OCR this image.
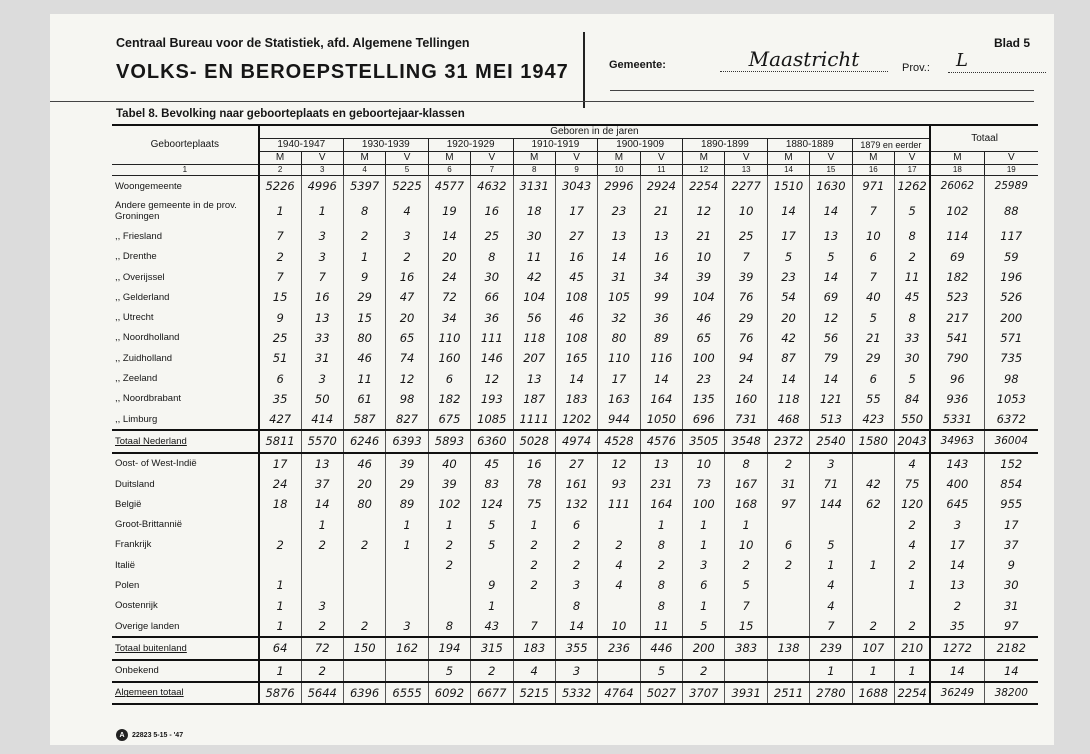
Centraal Bureau voor de Statistiek, afd. Algemene Tellingen
VOLKS- EN BEROEPSTELLING 31 MEI 1947
Blad 5
Gemeente:	Maastricht	Prov.:	L
Tabel 8. Bevolking naar geboorteplaats en geboortejaar-klassen
Geboorteplaats	Geboren in de jaren																Totaal	
	1940-1947		1930-1939		1920-1929		1910-1919		1900-1909		1890-1899		1880-1889		1879 en eerder			
	M	V	M	V	M	V	M	V	M	V	M	V	M	V	M	V	M	V
1	2	3	4	5	6	7	8	9	10	11	12	13	14	15	16	17	18	19
Woongemeente	5226	4996	5397	5225	4577	4632	3131	3043	2996	2924	2254	2277	1510	1630	971	1262	26062	25989
Andere gemeente in de prov. Groningen	1	1	8	4	19	16	18	17	23	21	12	10	14	14	7	5	102	88
,, Friesland	7	3	2	3	14	25	30	27	13	13	21	25	17	13	10	8	114	117
,, Drenthe	2	3	1	2	20	8	11	16	14	16	10	7	5	5	6	2	69	59
,, Overijssel	7	7	9	16	24	30	42	45	31	34	39	39	23	14	7	11	182	196
,, Gelderland	15	16	29	47	72	66	104	108	105	99	104	76	54	69	40	45	523	526
,, Utrecht	9	13	15	20	34	36	56	46	32	36	46	29	20	12	5	8	217	200
,, Noordholland	25	33	80	65	110	111	118	108	80	89	65	76	42	56	21	33	541	571
,, Zuidholland	51	31	46	74	160	146	207	165	110	116	100	94	87	79	29	30	790	735
,, Zeeland	6	3	11	12	6	12	13	14	17	14	23	24	14	14	6	5	96	98
,, Noordbrabant	35	50	61	98	182	193	187	183	163	164	135	160	118	121	55	84	936	1053
,, Limburg	427	414	587	827	675	1085	1111	1202	944	1050	696	731	468	513	423	550	5331	6372
Totaal Nederland	5811	5570	6246	6393	5893	6360	5028	4974	4528	4576	3505	3548	2372	2540	1580	2043	34963	36004
Oost- of West-Indië	17	13	46	39	40	45	16	27	12	13	10	8	2	3		4	143	152
Duitsland	24	37	20	29	39	83	78	161	93	231	73	167	31	71	42	75	400	854
België	18	14	80	89	102	124	75	132	111	164	100	168	97	144	62	120	645	955
Groot-Brittannië		1		1	1	5	1	6		1	1	1				2	3	17
Frankrijk	2	2	2	1	2	5	2	2	2	8	1	10	6	5		4	17	37
Italië					2		2	2	4	2	3	2	2	1	1	2	14	9
Polen	1					9	2	3	4	8	6	5		4		1	13	30
Oostenrijk	1	3				1		8		8	1	7		4			2	31
Overige landen	1	2	2	3	8	43	7	14	10	11	5	15		7	2	2	35	97
Totaal buitenland	64	72	150	162	194	315	183	355	236	446	200	383	138	239	107	210	1272	2182
Onbekend	1	2			5	2	4	3		5	2			1	1	1	14	14
Algemeen totaal	5876	5644	6396	6555	6092	6677	5215	5332	4764	5027	3707	3931	2511	2780	1688	2254	36249	38200
A	22823 5-15 - '47
